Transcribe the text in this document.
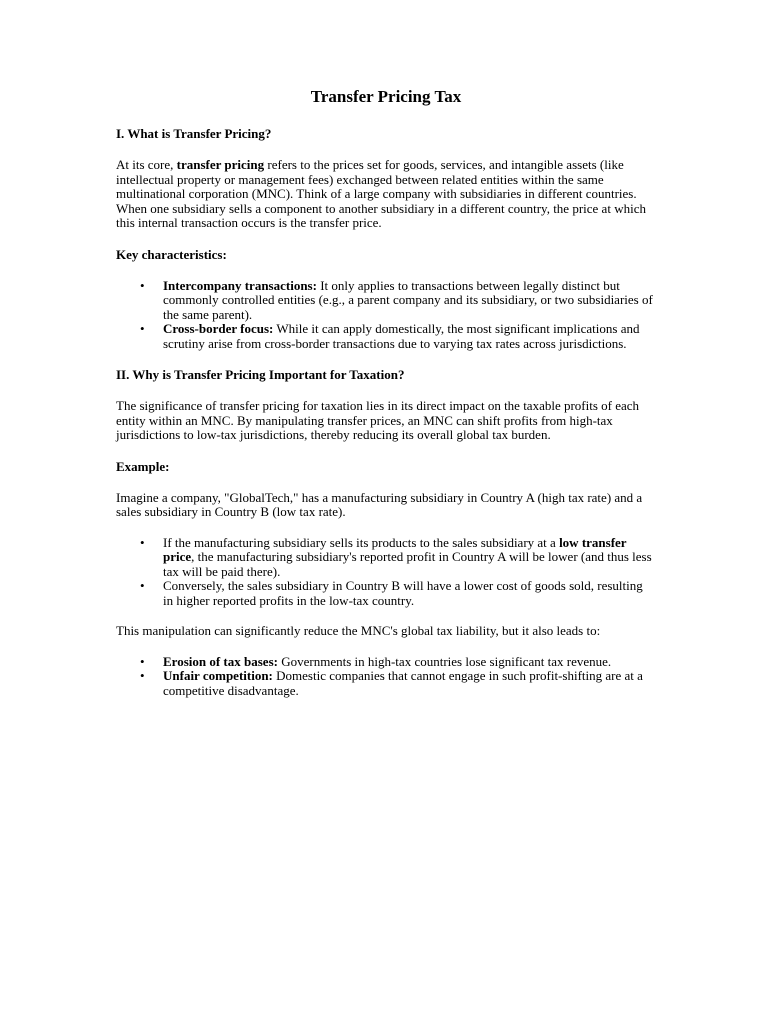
Transfer Pricing Tax
I. What is Transfer Pricing?

At its core, transfer pricing refers to the prices set for goods, services, and intangible assets (like intellectual property or management fees) exchanged between related entities within the same multinational corporation (MNC). Think of a large company with subsidiaries in different countries. When one subsidiary sells a component to another subsidiary in a different country, the price at which this internal transaction occurs is the transfer price.

Key characteristics:
• Intercompany transactions: It only applies to transactions between legally distinct but commonly controlled entities (e.g., a parent company and its subsidiary, or two subsidiaries of the same parent).
• Cross-border focus: While it can apply domestically, the most significant implications and scrutiny arise from cross-border transactions due to varying tax rates across jurisdictions.
II. Why is Transfer Pricing Important for Taxation?

The significance of transfer pricing for taxation lies in its direct impact on the taxable profits of each entity within an MNC. By manipulating transfer prices, an MNC can shift profits from high-tax jurisdictions to low-tax jurisdictions, thereby reducing its overall global tax burden.

Example:

Imagine a company, "GlobalTech," has a manufacturing subsidiary in Country A (high tax rate) and a sales subsidiary in Country B (low tax rate).

• If the manufacturing subsidiary sells its products to the sales subsidiary at a low transfer price, the manufacturing subsidiary's reported profit in Country A will be lower (and thus less tax will be paid there).
• Conversely, the sales subsidiary in Country B will have a lower cost of goods sold, resulting in higher reported profits in the low-tax country.

This manipulation can significantly reduce the MNC's global tax liability, but it also leads to:

• Erosion of tax bases: Governments in high-tax countries lose significant tax revenue.
• Unfair competition: Domestic companies that cannot engage in such profit-shifting are at a competitive disadvantage.
